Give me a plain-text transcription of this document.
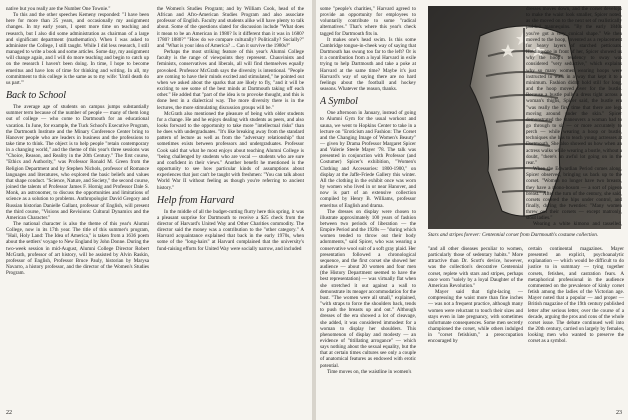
native but you really are the Number One Townie."

To this and the other speeches Kemeny responded: "I have been here for more than 25 years, and occasionally my assignment changes. In my early years, I spent more time on teaching and research, but I also did some administration as chairman of a large and significant department (mathematics). When I was asked to administer the College, I still taught. While I did less research, I still managed to write a book and some articles. Some day, my assignment will change again, and I will do more teaching and begin to catch up on the research I haven't been doing. In time, I hope to become emeritus and have lots of time for thinking and writing. In all, my commitment to this college is the same as to my wife: 'Until death do us part.'"

Back to School

The average age of students on campus jumps substantially summer term because of the number of people — many of them long out of college — who come to Dartmouth for an educational vacation. In June, for example, the Tuck School's Executive Program, the Dartmouth Institute and the Minary Conference Center bring to Hanover people who are leaders in business and the professions to take time to think. The object is to help people "retain contemporary in a changing world," and the theme of this year's three sessions was "Choice, Reason, and Reality in the 20th Century." The first course, "Ethics and Authority," was Professor Ronald M. Green from the Religion Department and by Stephen Nichols, professor of Romance languages and literatures, who explored the basic beliefs and values that shape conduct. "Science, Nature, and Society," the second course, joined the talents of Professor James F. Hornig and Professor Dale S. Monk, an astronomer, to discuss the opportunities and limitations of science as a solution to problems. Anthropologist David Gregory and Russian historian Danielle Gallant, professor of English, will present the third course, "Visions and Revisions: Cultural Dynamics and the American Character."

The national character is also the theme of this year's Alumni College, now in its 17th year. The title of this summer's program, "Hail, Holy Land: The Idea of America," is taken from a 1636 poem about the settlers' voyage to New England by John Donne. During the two-week session in mid-August, Alumni College Director Robert McGrath, professor of art history, will be assisted by Alvin Raskin, professor of English, Professor Bruce Pauly, historian by Marysa Navarro, a history professor, and the director of the Women's Studies Program.

the Women's Studies Program; and by William Cook, head of the African and Afro-American Studies Program and also associate professor of English. Faculty and students alike will have plenty to talk about. Some of the questions slated for discussion include "What does it mean to be an American in 1980? Is it different than it was in 1680? 1780? 1880?" "How do we compare culturally? Politically? Socially?" and "What is your idea of America? ... Can it survive the 1980s?"

Perhaps the most striking feature of this year's Alumni College faculty is the range of viewpoints they represent. Chauvinists and feminists, conservatives and liberals, all will find themselves equally provoked. Professor McGrath says the diversity is intentional. "People are coming to have their minds excited and stimulated," he pointed out when we asked about the sparks that are likely to fly, "and it will be exciting to see some of the best minds at Dartmouth taking off each other." He added that "part of the idea is to provoke thought, and this is done best in a dialectical way. The more diversity there is in the lectures, the more stimulating discussion groups will be."

McGrath also mentioned the pleasure of being with older students for a change. He and he enjoys dealing with students as peers, and also looks forward to the opportunity to take more "intellectual risks" than he does with undergraduates. "It's like breaking away from the standard pattern of lecture as well as from the "adversary relationship" that sometimes exists between professors and undergraduates. Professor Cook said that what he most enjoys about teaching Alumni College is "being challenged by students who are vocal — students who are sure and confident in their views." Another benefit he mentioned is the opportunity to see how particular kinds of assumptions about experiences that just can't be taught with freshmen: "You can talk about World War II without feeling as though you're referring to ancient history."

Help from Harvard

In the middle of all the budget-cutting flurry here this spring, it was a pleasant surprise for Dartmouth to receive a $25 check from the director of Harvard's United Way and Other Charities commodity. The director said the money was a contribution to the "other category." A Harvard acquaintance explained that back in the early 1970s, when some of the "long-hairs" at Harvard complained that the university's fund-raising efforts for United Way were socially narrow, and included

22

some "people's charities," Harvard agreed to provide an opportunity for employees to voluntarily contribute to some "radical alternatives." That's where this year's check tagged for Dartmouth fits in.

It makes one's head swim. Is this some Cambridge tongue-in-cheek way of saying that Dartmouth has swung too far to the left? Or is it a contribution from a loyal Harvard in exile trying to help Dartmouth and take a poke at Harvard at the same time? Maybe it's just Harvard's way of saying there are no hard feelings about the football and hockey seasons. Whatever the reason, thanks.

A Symbol

One afternoon in January, instead of going to Alumni Gym for the usual workout and sauna, we went to Hopkins Center to take in a lecture on "Eroticism and Fashion: The Corset and the Changing Image of Women's Beauty" — given by Drama Professor Margaret Spicer and Valerie Steele Mayer '78. The talk was presented in conjunction with Professor (and Costumer) Spicer's exhibition, "Women's Clothing and Accessories: 1800-1900," on display at the Jaffe-Friede Gallery this winter. All the clothing in the exhibit once was worn by women who lived in or near Hanover, and now is part of an extensive collection compiled by Henry B. Williams, professor emeritus of English and drama.

The dresses on display were chosen to illustrate approximately 100 years of fashion between two periods of liberation — the Empire Period and the 1920s — "during which women tended to throw out their body adornments," said Spicer, who was wearing a conservative wool suit of a soft gray plaid. Her presentation followed a chronological sequence, and the first corset she showed her audience — about 20 women and four men (the History Department seemed to have the best representation) — was virtually flat when she stretched it out against a wall to demonstrate its meager accommodation for the bust. "The women were all small," explained, "with straps to force the shoulders back, tends to push the breasts up and out." Although dresses of the era showed a lot of cleavage, she added, it was considered immodest for a woman to display her shoulders. This phenomenon of display and modesty — an evidence of "titillating arrogance" — which says nothing about the sexual equality, but the that at certain times cultures see only a couple of anatomical features as endowed with erotic potential.

Time moves on, the waistline in women's

Stars and stripes forever: Centennial corset from Dartmouth's costume collection.

"and all other diseases peculiar to women, particularly those of sedentary habits." More attractive than Dr. Scott's device, however, was the collection's decorative Centennial corset, replete with stars and stripes, perhaps once worn "solely by a loyal Daughter of the American Revolution."

Mayer said that tight-lacing — compressing the waist more than fine inches — was not a frequent practice, although many women were reluctant to touch their sizes and stays even in late pregnancy, with sometimes unfortunate consequences. Some men secretly championed the corset, while others indulged in "corset fetishism," a preoccupation encouraged by

certain continental magazines. Mayer presented an explicit, psychoanalytic explanation — which would be difficult to do justice to in summary — tying together corsets, fetishes, and castration fears. A metaphorical professional in the audience commented on the prevalence of kinky corset fetish among the ladies of the Victorian age. Mayer noted that a popular — and proper — British magazine of the 19th century published letter after serious letter, over the course of a decade, arguing the pros and cons of the whole corset issue. The debate continued well into the 20th century, carried on largely by females, looking men who wanted to preserve the corset as a symbol.

dresses moves down, and the corset develops to make the waist look smaller, Spicer noted, as she moved on to the next set of realistically padded mannequins. "By the early 1840s you've got a very conical shape." We then moved to the hoop, invented as a replacement for heavy layers of starched petticoats. Holding one in front of her, Spicer showed us why the hoop's tendency to sway was considered "very seductive," which explains why so many women wearing hoops were instructed to walk in a way that kept it to a minimum. Fashion didn't hold still for long, and the hoop moved over for the bustle. Because a bustle pulls a dress tight across a woman's thighs, Spicer said, the bustle era "was really the first time that there are legs moving around under the skin." Spicer demonstrated the maneuvers a woman had to go through to sit — or more accurately to perch — while wearing a hoop or bustle, techniques she has to teach young actresses at Dartmouth. She also showed us how when an actress walks while wearing a bustle, without a doubt, "there's an awful lot going on in the rear."

When the Edwardian Period comes along, Spicer observed, bringing us back up to the corset. "Women no longer have two breasts, they have a mono-bosom — a sort of pigeon breast." After the turn of the century, she said, corsets covered the hips under control, and finally, during the twenties: "Many women threw out their corsets — except matronly, stout ladies."

Wearing a white kimono and tasselled,

23
